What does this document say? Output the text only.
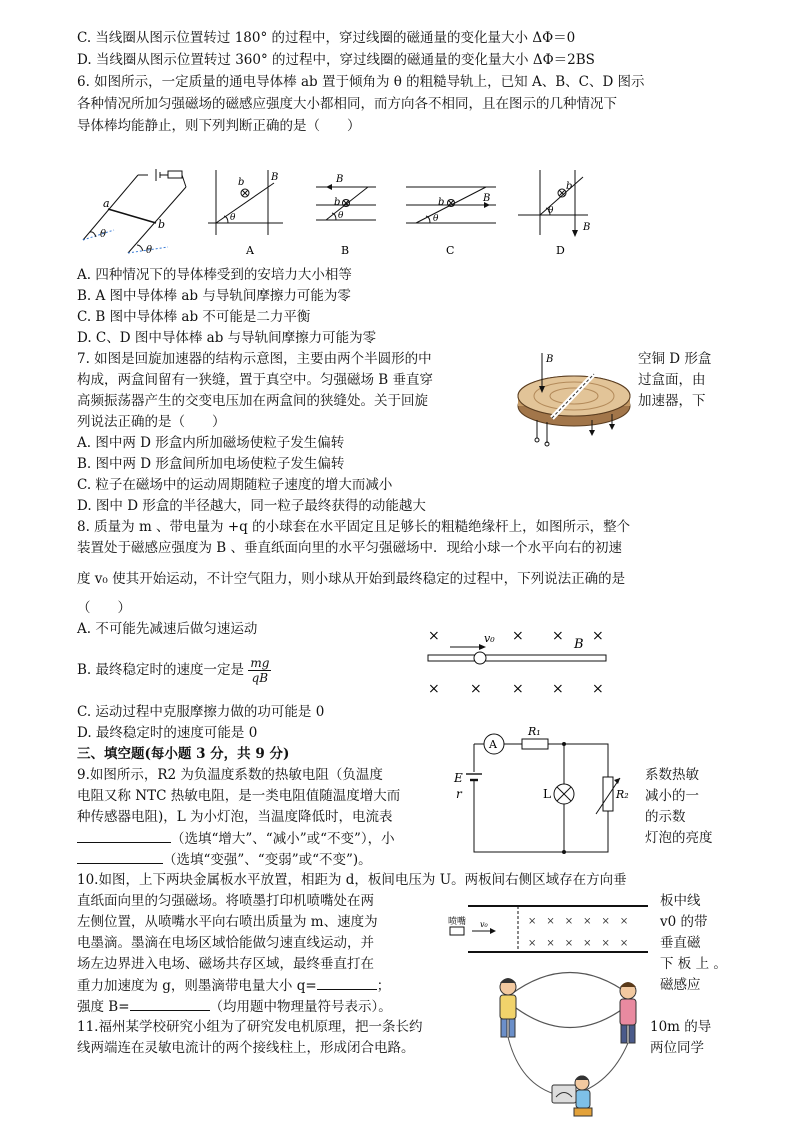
C. 当线圈从图示位置转过 180° 的过程中，穿过线圈的磁通量的变化量大小 ΔΦ＝0
D. 当线圈从图示位置转过 360° 的过程中，穿过线圈的磁通量的变化量大小 ΔΦ＝2BS
6. 如图所示，一定质量的通电导体棒 ab 置于倾角为 θ 的粗糙导轨上，已知 A、B、C、D 图示
各种情况所加匀强磁场的磁感应强度大小都相同，而方向各不相同，且在图示的几种情况下
导体棒均能静止，则下列判断正确的是（　　）
a
b
θ
θ
b	B
θ
A
B
b
θ
B
B
b
θ
C
b
B
θ
D
A. 四种情况下的导体棒受到的安培力大小相等
B. A 图中导体棒 ab 与导轨间摩擦力可能为零
C. B 图中导体棒 ab 不可能是二力平衡
D. C、D 图中导体棒 ab 与导轨间摩擦力可能为零
7. 如图是回旋加速器的结构示意图，主要由两个半圆形的中	空铜 D 形盒
构成，两盒间留有一狭缝，置于真空中。匀强磁场 B 垂直穿	过盒面，由
高频振荡器产生的交变电压加在两盒间的狭缝处。关于回旋	加速器，下
列说法正确的是（　　）
B
A. 图中两 D 形盒内所加磁场使粒子发生偏转
B. 图中两 D 形盒间所加电场使粒子发生偏转
C. 粒子在磁场中的运动周期随粒子速度的增大而减小
D. 图中 D 形盒的半径越大，同一粒子最终获得的动能越大
8. 质量为 m 、带电量为 +q 的小球套在水平固定且足够长的粗糙绝缘杆上，如图所示，整个
装置处于磁感应强度为 B 、垂直纸面向里的水平匀强磁场中．现给小球一个水平向右的初速
度 v₀ 使其开始运动，不计空气阻力，则小球从开始到最终稳定的过程中，下列说法正确的是
（　　）
A. 不可能先减速后做匀速运动
B. 最终稳定时的速度一定是 $\frac{mg}{qB}$
C. 运动过程中克服摩擦力做的功可能是 0
D. 最终稳定时的速度可能是 0
×	× × ×
v₀	B
× × × × ×
三、填空题(每小题 3 分，共 9 分)
9.如图所示，R2 为负温度系数的热敏电阻（负温度	系数热敏
电阻又称 NTC 热敏电阻，是一类电阻值随温度增大而	减小的一
种传感器电阻)，L 为小灯泡，当温度降低时，电流表	的示数
（选填“增大”、“减小”或“不变”），小	灯泡的亮度
（选填“变强”、“变弱”或“不变”)。
A
R₁
L	R₂
E
r
10.如图，上下两块金属板水平放置，相距为 d，板间电压为 U。两板间右侧区域存在方向垂
直纸面向里的匀强磁场。将喷墨打印机喷嘴处在两	板中线
左侧位置，从喷嘴水平向右喷出质量为 m、速度为	v0 的带
电墨滴。墨滴在电场区域恰能做匀速直线运动，并	垂直磁
场左边界进入电场、磁场共存区域，最终垂直打在	下 板 上 。
重力加速度为 g，则墨滴带电量大小 q=	；	磁感应
强度 B=	（均用题中物理量符号表示）。
×　×　×　×　×　×
×　×　×　×　×　×
喷嘴 v₀
11.福州某学校研究小组为了研究发电机原理，把一条长约	10m 的导
线两端连在灵敏电流计的两个接线柱上，形成闭合电路。	两位同学
